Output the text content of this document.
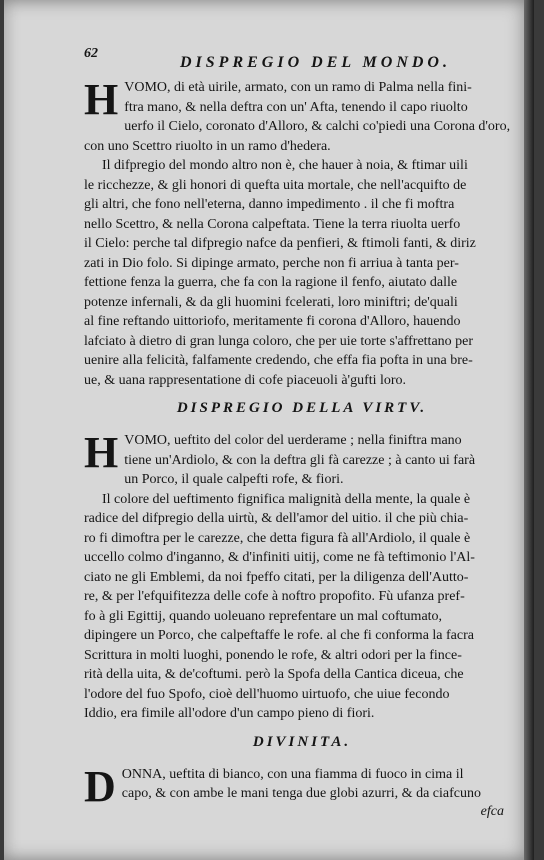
62
DISPREGIO DEL MONDO.
H VOMO, di età uirile, armato, con un ramo di Palma nella fini-
ftra mano, & nella deftra con un' Afta, tenendo il capo riuolto
uerfo il Cielo, coronato d'Alloro, & calchi co'piedi una Corona d'oro,
con uno Scettro riuolto in un ramo d'hedera.
Il difpregio del mondo altro non è, che hauer à noia, & ftimar uili
le ricchezze, & gli honori di quefta uita mortale, che nell'acquifto de
gli altri, che fono nell'eterna, danno impedimento . il che fi moftra
nello Scettro, & nella Corona calpeftata. Tiene la terra riuolta uerfo
il Cielo: perche tal difpregio nafce da penfieri, & ftimoli fanti, & diriz
zati in Dio folo. Si dipinge armato, perche non fi arriua à tanta per-
fettione fenza la guerra, che fa con la ragione il fenfo, aiutato dalle
potenze infernali, & da gli huomini fcelerati, loro miniftri; de'quali
al fine reftando uittoriofo, meritamente fi corona d'Alloro, hauendo
lafciato à dietro di gran lunga coloro, che per uie torte s'affrettano per
uenire alla felicità, falfamente credendo, che effa fia pofta in una bre-
ue, & uana rappresentatione di cofe piaceuoli à'gufti loro.
DISPREGIO DELLA VIRTV.
H VOMO, ueftito del color del uerderame ; nella finiftra mano
tiene un'Ardiolo, & con la deftra gli fà carezze ; à canto ui farà
un Porco, il quale calpefti rofe, & fiori.
Il colore del ueftimento fignifica malignità della mente, la quale è
radice del difpregio della uirtù, & dell'amor del uitio. il che più chia-
ro fi dimoftra per le carezze, che detta figura fà all'Ardiolo, il quale è
uccello colmo d'inganno, & d'infiniti uitij, come ne fà teftimonio l'Al-
ciato ne gli Emblemi, da noi fpeffo citati, per la diligenza dell'Autto-
re, & per l'efquifitezza delle cofe à noftro propofito. Fù ufanza pref-
fo à gli Egittij, quando uoleuano reprefentare un mal coftumato,
dipingere un Porco, che calpeftaffe le rofe. al che fi conforma la facra
Scrittura in molti luoghi, ponendo le rofe, & altri odori per la fince-
rità della uita, & de'coftumi. però la Spofa della Cantica diceua, che
l'odore del fuo Spofo, cioè dell'huomo uirtuofo, che uiue fecondo
Iddio, era fimile all'odore d'un campo pieno di fiori.
DIVINITA.
D ONNA, ueftita di bianco, con una fiamma di fuoco in cima il
capo, & con ambe le mani tenga due globi azurri, & da ciafcuno
efca
